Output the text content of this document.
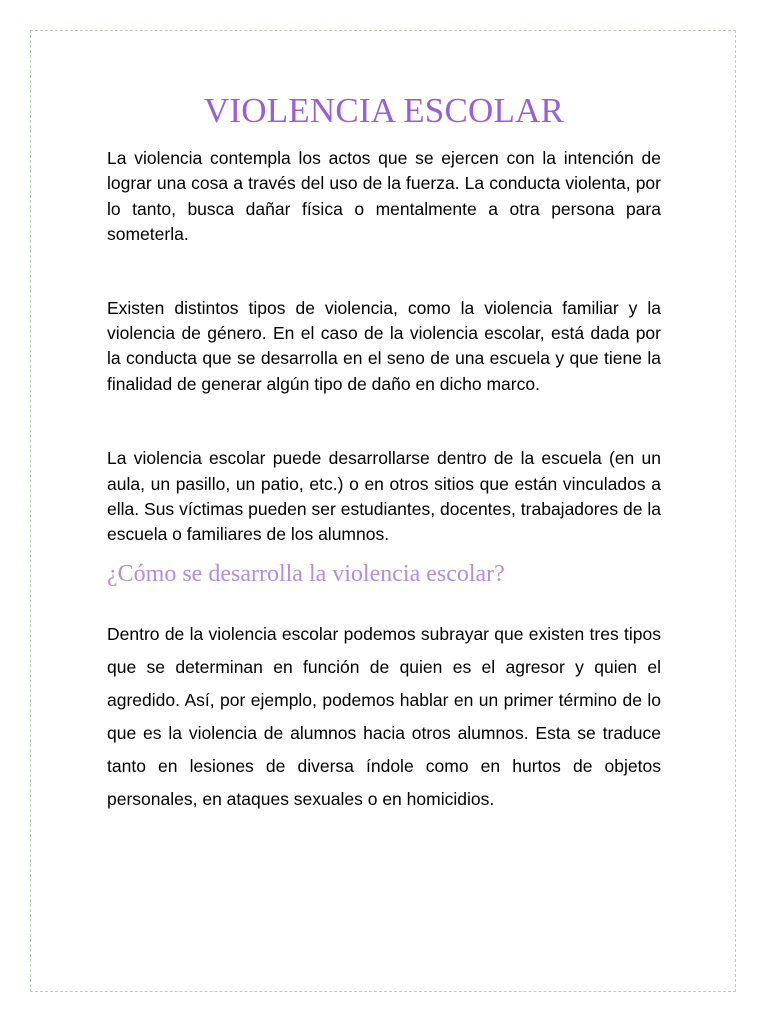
VIOLENCIA ESCOLAR

La violencia contempla los actos que se ejercen con la intención de lograr una cosa a través del uso de la fuerza. La conducta violenta, por lo tanto, busca dañar física o mentalmente a otra persona para someterla.

Existen distintos tipos de violencia, como la violencia familiar y la violencia de género. En el caso de la violencia escolar, está dada por la conducta que se desarrolla en el seno de una escuela y que tiene la finalidad de generar algún tipo de daño en dicho marco.

La violencia escolar puede desarrollarse dentro de la escuela (en un aula, un pasillo, un patio, etc.) o en otros sitios que están vinculados a ella. Sus víctimas pueden ser estudiantes, docentes, trabajadores de la escuela o familiares de los alumnos.

¿Cómo se desarrolla la violencia escolar?

Dentro de la violencia escolar podemos subrayar que existen tres tipos que se determinan en función de quien es el agresor y quien el agredido. Así, por ejemplo, podemos hablar en un primer término de lo que es la violencia de alumnos hacia otros alumnos. Esta se traduce tanto en lesiones de diversa índole como en hurtos de objetos personales, en ataques sexuales o en homicidios.
